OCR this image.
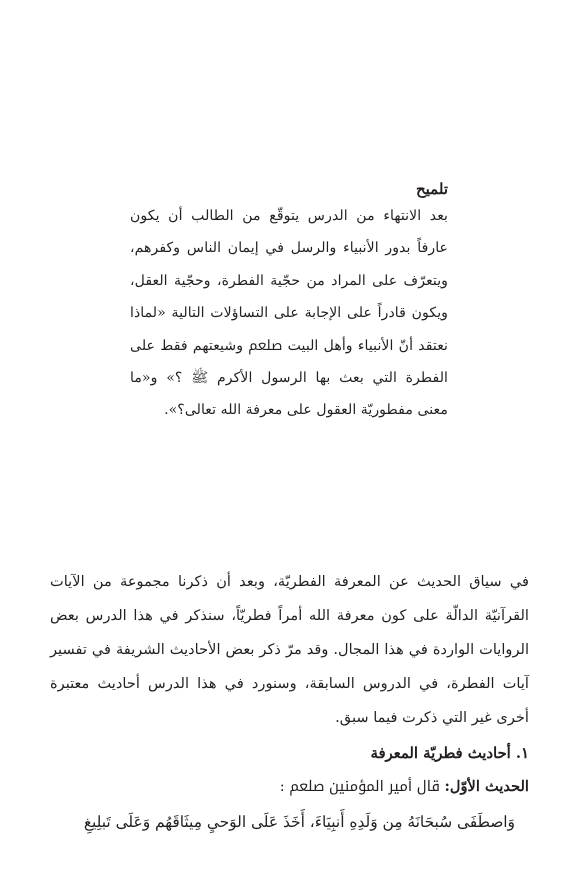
تلميح

بعد الانتهاء من الدرس يتوقّع من الطالب أن يكون عارفاً بدور الأنبياء والرسل في إيمان الناس وكفرهم، ويتعرّف على المراد من حجّية الفطرة، وحجّية العقل، ويكون قادراً على الإجابة على التساؤلات التالية «لماذا نعتقد أنّ الأنبياء وأهل البيت ﷵ وشيعتهم فقط على الفطرة التي بعث بها الرسول الأكرم ﷺ ؟» و«ما معنى مفطوريّة العقول على معرفة الله تعالى؟».

في سياق الحديث عن المعرفة الفطريّة، وبعد أن ذكرنا مجموعة من الآيات القرآنيّة الدالّة على كون معرفة الله أمراً فطريّاً، سنذكر في هذا الدرس بعض الروايات الواردة في هذا المجال. وقد مرّ ذكر بعض الأحاديث الشريفة في تفسير آيات الفطرة، في الدروس السابقة، وسنورد في هذا الدرس أحاديث معتبرة أخرى غير التي ذكرت فيما سبق.

١. أحاديث فطريّة المعرفة

الحديث الأوّل: قال أمير المؤمنين ﷵ :

وَاصطَفَى سُبحَانَهُ مِن وَلَدِهِ أَنبِيَاءَ، أَخَذَ عَلَى الوَحيِ مِيثَاقَهُم وَعَلَى تَبلِيغِ
